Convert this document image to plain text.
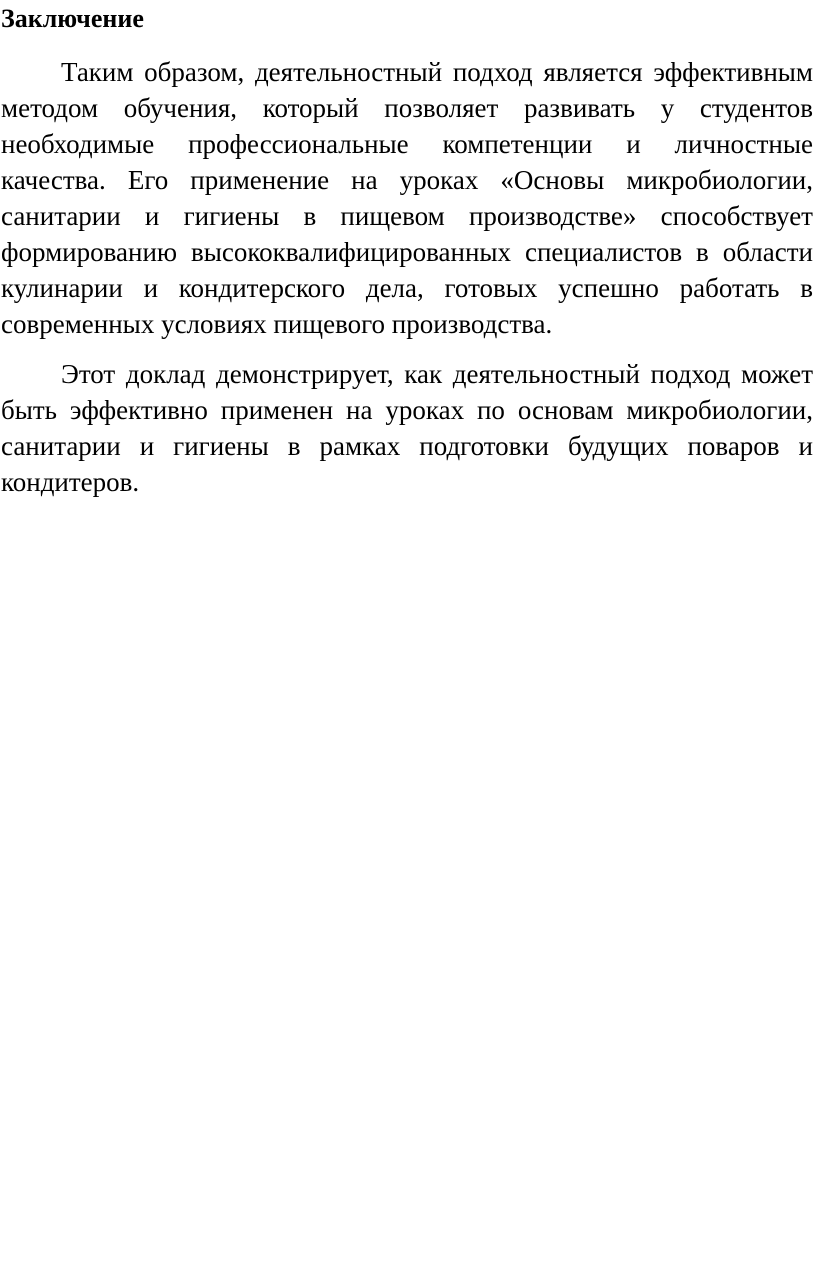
Заключение

Таким образом, деятельностный подход является эффективным методом обучения, который позволяет развивать у студентов необходимые профессиональные компетенции и личностные качества. Его применение на уроках «Основы микробиологии, санитарии и гигиены в пищевом производстве» способствует формированию высококвалифицированных специалистов в области кулинарии и кондитерского дела, готовых успешно работать в современных условиях пищевого производства.

Этот доклад демонстрирует, как деятельностный подход может быть эффективно применен на уроках по основам микробиологии, санитарии и гигиены в рамках подготовки будущих поваров и кондитеров.
